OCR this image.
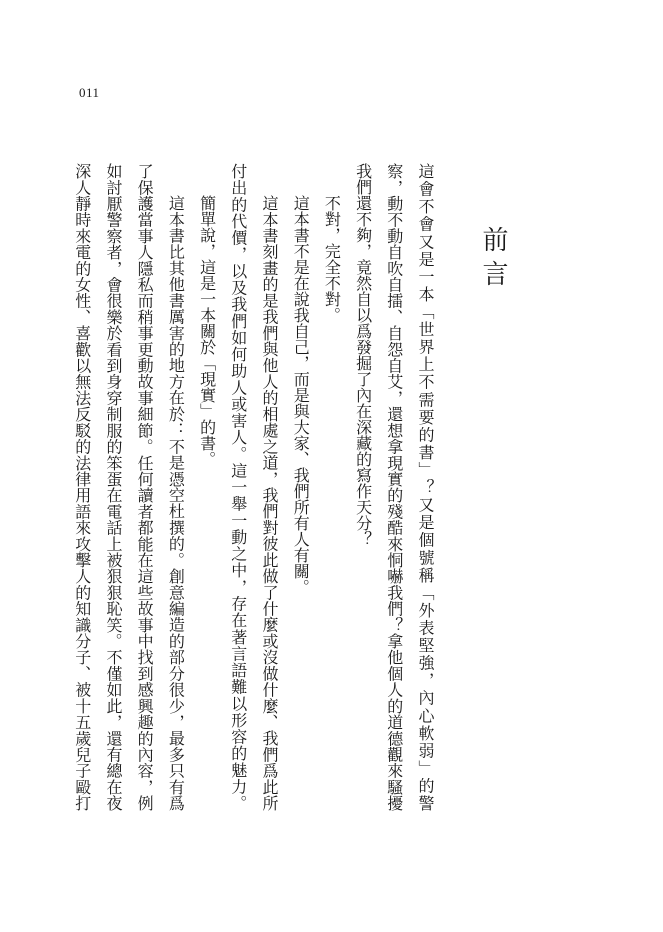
011
前言
這會不會又是一本「世界上不需要的書」？又是個號稱「外表堅強，內心軟弱」的警
察，動不動自吹自擂、自怨自艾，還想拿現實的殘酷來恫嚇我們？拿他個人的道德觀來騷擾
我們還不夠，竟然自以爲發掘了內在深藏的寫作天分？
不對，完全不對。
這本書不是在說我自己，而是與大家、我們所有人有關。
這本書刻畫的是我們與他人的相處之道，我們對彼此做了什麼或沒做什麼、我們爲此所
付出的代價，以及我們如何助人或害人。這一舉一動之中，存在著言語難以形容的魅力。
簡單說，這是一本關於「現實」的書。
這本書比其他書厲害的地方在於：不是憑空杜撰的。創意編造的部分很少，最多只有爲
了保護當事人隱私而稍事更動故事細節。任何讀者都能在這些故事中找到感興趣的內容，例
如討厭警察者，會很樂於看到身穿制服的笨蛋在電話上被狠狠恥笑。不僅如此，還有總在夜
深人靜時來電的女性、喜歡以無法反駁的法律用語來攻擊人的知識分子、被十五歲兒子毆打
